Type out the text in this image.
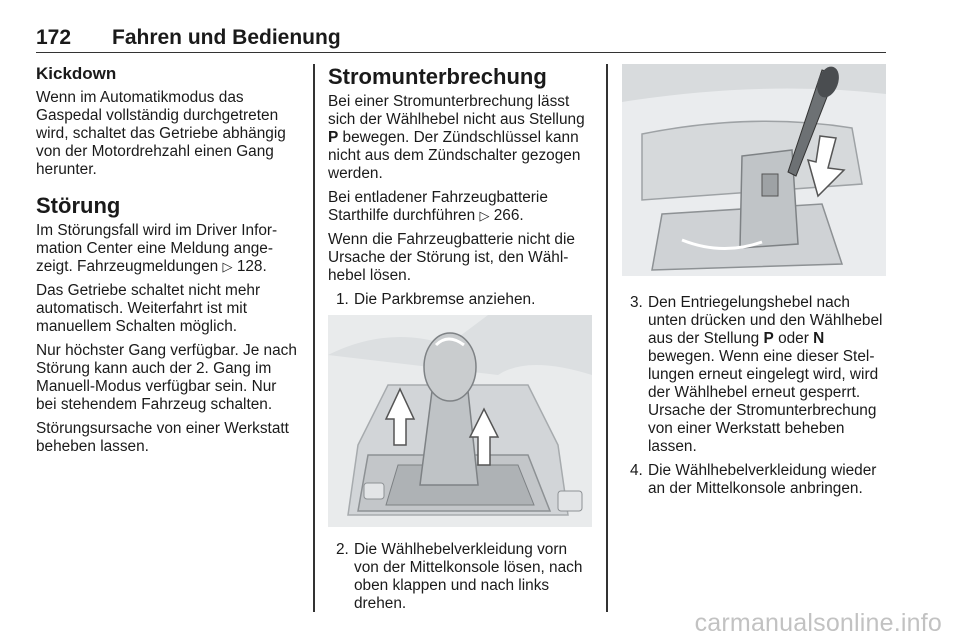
172 Fahren und Bedienung
Kickdown

Wenn im Automatikmodus das Gaspedal vollständig durchgetreten wird, schaltet das Getriebe abhängig von der Motordrehzahl einen Gang herunter.

Störung

Im Störungsfall wird im Driver Information Center eine Meldung angezeigt. Fahrzeugmeldungen ▷ 128.

Das Getriebe schaltet nicht mehr automatisch. Weiterfahrt ist mit manuellem Schalten möglich.

Nur höchster Gang verfügbar. Je nach Störung kann auch der 2. Gang im Manuell-Modus verfügbar sein. Nur bei stehendem Fahrzeug schalten.

Störungsursache von einer Werkstatt beheben lassen.

Stromunterbrechung

Bei einer Stromunterbrechung lässt sich der Wählhebel nicht aus Stellung P bewegen. Der Zündschlüssel kann nicht aus dem Zündschalter gezogen werden.

Bei entladener Fahrzeugbatterie Starthilfe durchführen ▷ 266.

Wenn die Fahrzeugbatterie nicht die Ursache der Störung ist, den Wählhebel lösen.

1. Die Parkbremse anziehen.
2. Die Wählhebelverkleidung vorn von der Mittelkonsole lösen, nach oben klappen und nach links drehen.
3. Den Entriegelungshebel nach unten drücken und den Wählhebel aus der Stellung P oder N bewegen. Wenn eine dieser Stellungen erneut eingelegt wird, wird der Wählhebel erneut gesperrt. Ursache der Stromunterbrechung von einer Werkstatt beheben lassen.
4. Die Wählhebelverkleidung wieder an der Mittelkonsole anbringen.
carmanualsonline.info
